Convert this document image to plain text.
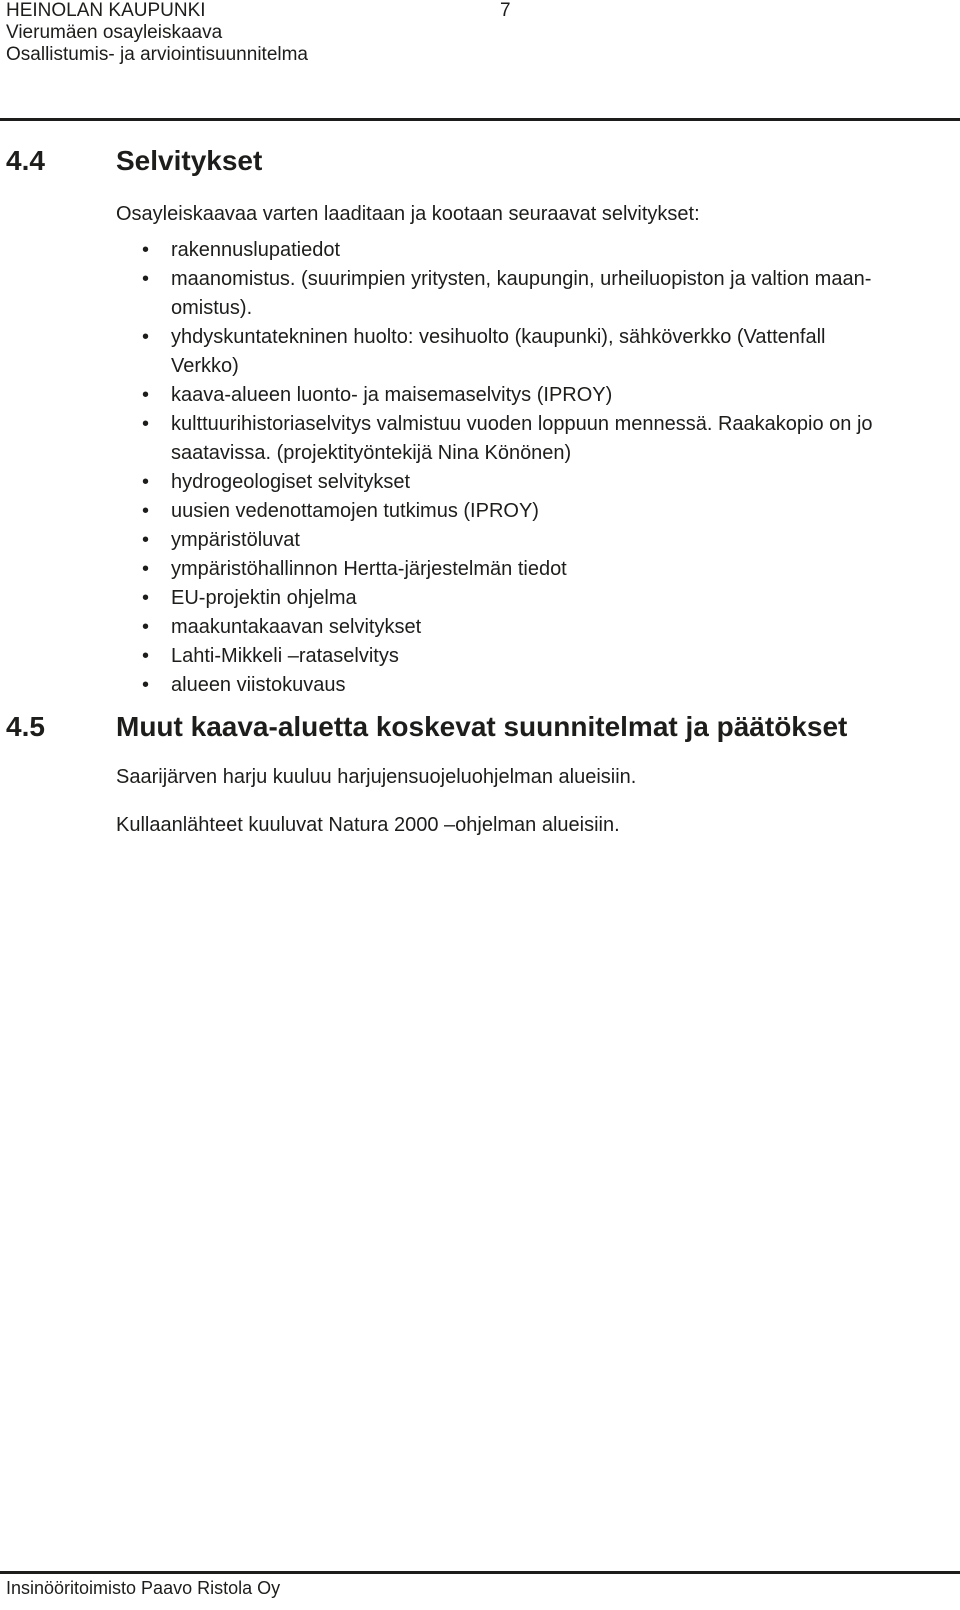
HEINOLAN KAUPUNKI
Vierumäen osayleiskaava
Osallistumis- ja arviointisuunnitelma
7
4.4	Selvitykset
Osayleiskaavaa varten laaditaan ja kootaan seuraavat selvitykset:
• rakennuslupatiedot
• maanomistus. (suurimpien yritysten, kaupungin, urheiluopiston ja valtion maan-
omistus).
• yhdyskuntatekninen huolto: vesihuolto (kaupunki), sähköverkko (Vattenfall
Verkko)
• kaava-alueen luonto- ja maisemaselvitys (IPROY)
• kulttuurihistoriaselvitys valmistuu vuoden loppuun mennessä. Raakakopio on jo
saatavissa. (projektityöntekijä Nina Könönen)
• hydrogeologiset selvitykset
• uusien vedenottamojen tutkimus (IPROY)
• ympäristöluvat
• ympäristöhallinnon Hertta-järjestelmän tiedot
• EU-projektin ohjelma
• maakuntakaavan selvitykset
• Lahti-Mikkeli –rataselvitys
• alueen viistokuvaus
4.5	Muut kaava-aluetta koskevat suunnitelmat ja päätökset
Saarijärven harju kuuluu harjujensuojeluohjelman alueisiin.
Kullaanlähteet kuuluvat Natura 2000 –ohjelman alueisiin.
Insinööritoimisto Paavo Ristola Oy
